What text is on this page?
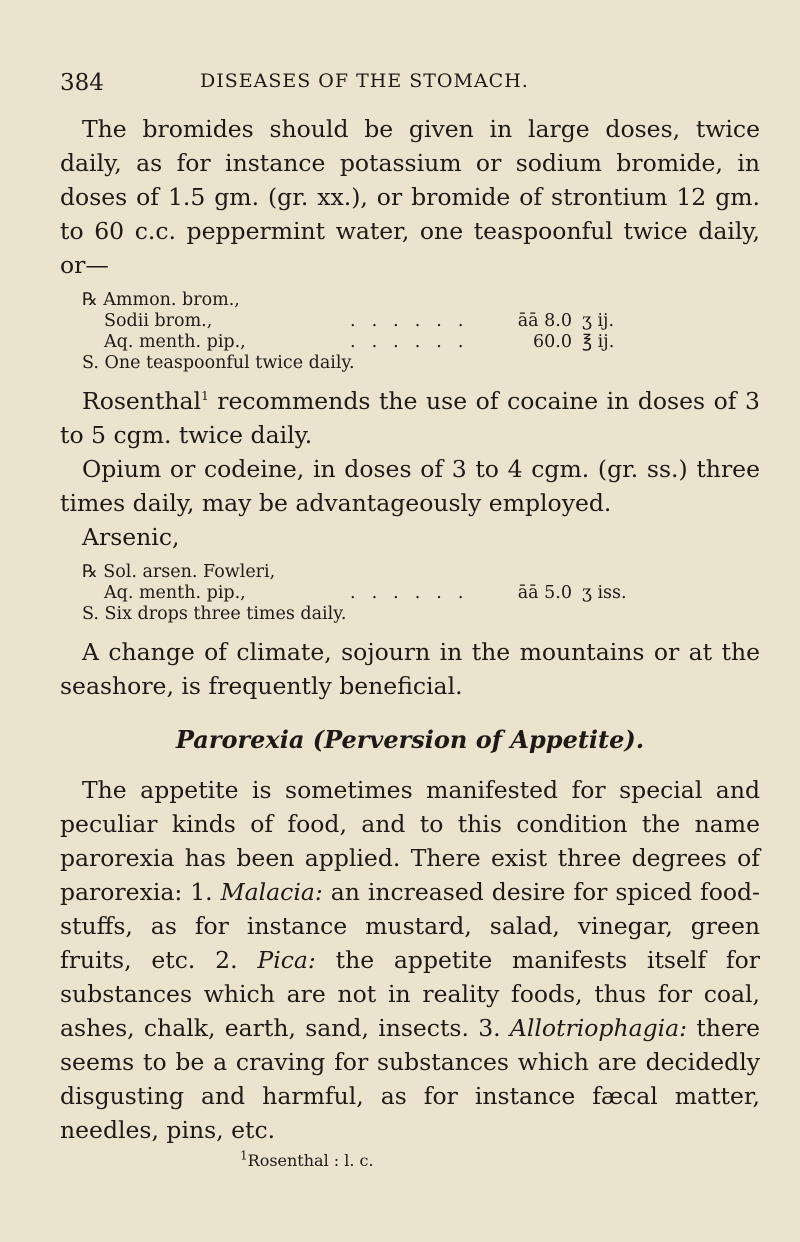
384	DISEASES OF THE STOMACH.

The bromides should be given in large doses, twice daily, as for instance potassium or sodium bromide, in doses of 1.5 gm. (gr. xx.), or bromide of strontium 12 gm. to 60 c.c. peppermint water, one teaspoonful twice daily, or—

℞ Ammon. brom.,
Sodii brom.,	......	āā 8.0 ʒ ij.
Aq. menth. pip.,	......	60.0 ℥ ij.
S. One teaspoonful twice daily.

Rosenthal$^1$ recommends the use of cocaine in doses of 3 to 5 cgm. twice daily.

Opium or codeine, in doses of 3 to 4 cgm. (gr. ss.) three times daily, may be advantageously employed.

Arsenic,

℞ Sol. arsen. Fowleri,
Aq. menth. pip.,	......	āā 5.0 ʒ iss.
S. Six drops three times daily.

A change of climate, sojourn in the mountains or at the seashore, is frequently beneficial.

Parorexia (Perversion of Appetite).

The appetite is sometimes manifested for special and peculiar kinds of food, and to this condition the name parorexia has been applied. There exist three degrees of parorexia: 1. Malacia: an increased desire for spiced food-stuffs, as for instance mustard, salad, vinegar, green fruits, etc. 2. Pica: the appetite manifests itself for substances which are not in reality foods, thus for coal, ashes, chalk, earth, sand, insects. 3. Allotriophagia: there seems to be a craving for substances which are decidedly disgusting and harmful, as for instance fæcal matter, needles, pins, etc.

$^1$Rosenthal : l. c.
